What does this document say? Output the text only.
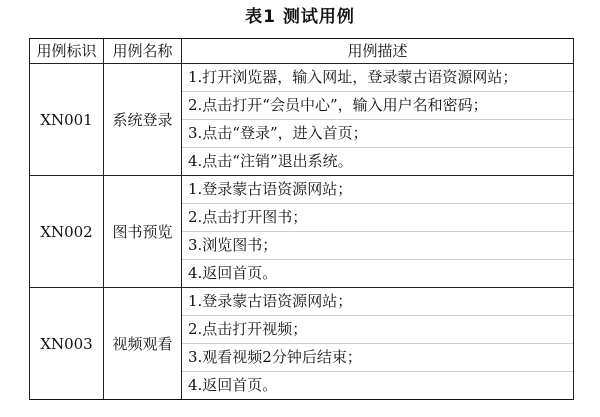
表1 测试用例
用例标识	用例名称	用例描述
XN001	系统登录	1.打开浏览器，输入网址，登录蒙古语资源网站；
2.点击打开“会员中心”，输入用户名和密码；
3.点击“登录”，进入首页；
4.点击“注销”退出系统。

XN002	图书预览	1.登录蒙古语资源网站；
2.点击打开图书；
3.浏览图书；
4.返回首页。

XN003	视频观看	1.登录蒙古语资源网站；
2.点击打开视频；
3.观看视频2分钟后结束；
4.返回首页。
